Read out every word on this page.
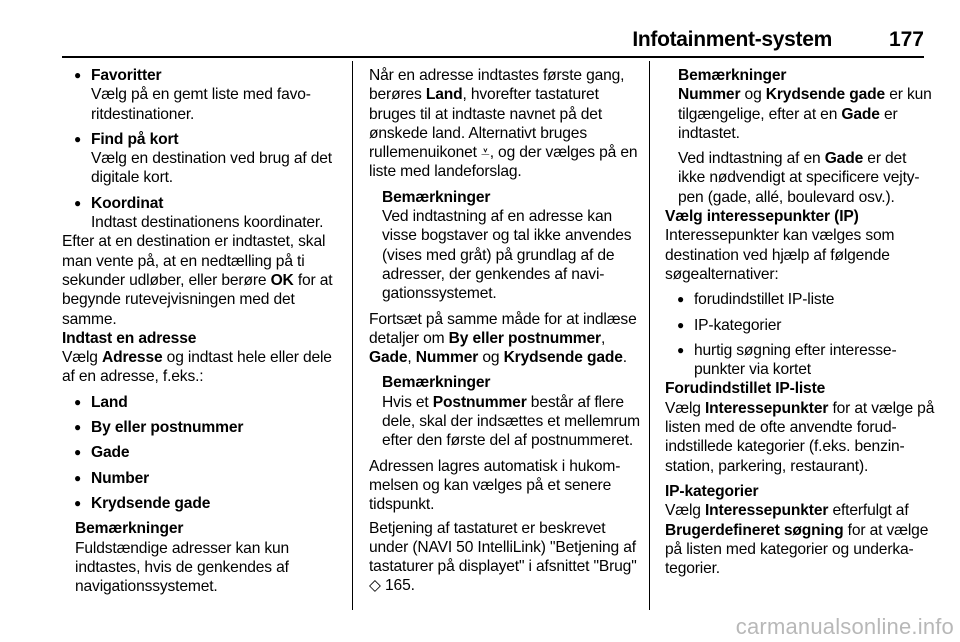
Infotainment-system	177

● Favoritter

Vælg på en gemt liste med favoritdestinationer.

● Find på kort

Vælg en destination ved brug af det digitale kort.

● Koordinat

Indtast destinationens koordinater.

Efter at en destination er indtastet, skal man vente på, at en nedtælling på ti sekunder udløber, eller berøre OK for at begynde rutevejvisningen med det samme.

Indtast en adresse

Vælg Adresse og indtast hele eller dele af en adresse, f.eks.:

● Land

● By eller postnummer

● Gade

● Number

● Krydsende gade

Bemærkninger

Fuldstændige adresser kan kun indtastes, hvis de genkendes af navigationssystemet.

Når en adresse indtastes første gang, berøres Land, hvorefter tastaturet bruges til at indtaste navnet på det ønskede land. Alternativt bruges rullemenuikonet ⩡, og der vælges på en liste med landeforslag.

Bemærkninger

Ved indtastning af en adresse kan visse bogstaver og tal ikke anvendes (vises med gråt) på grundlag af de adresser, der genkendes af navigationssystemet.

Fortsæt på samme måde for at indlæse detaljer om By eller postnummer, Gade, Nummer og Krydsende gade.

Bemærkninger

Hvis et Postnummer består af flere dele, skal der indsættes et mellemrum efter den første del af postnummeret.

Adressen lagres automatisk i hukommelsen og kan vælges på et senere tidspunkt.

Betjening af tastaturet er beskrevet under (NAVI 50 IntelliLink) "Betjening af tastaturer på displayet" i afsnittet "Brug" ◇ 165.

Bemærkninger

Nummer og Krydsende gade er kun tilgængelige, efter at en Gade er indtastet.

Ved indtastning af en Gade er det ikke nødvendigt at specificere vejtypen (gade, allé, boulevard osv.).

Vælg interessepunkter (IP)

Interessepunkter kan vælges som destination ved hjælp af følgende søgealternativer:

● forudindstillet IP-liste

● IP-kategorier

● hurtig søgning efter interessepunkter via kortet

Forudindstillet IP-liste

Vælg Interessepunkter for at vælge på listen med de ofte anvendte forudindstillede kategorier (f.eks. benzinstation, parkering, restaurant).

IP-kategorier

Vælg Interessepunkter efterfulgt af Brugerdefineret søgning for at vælge på listen med kategorier og underkategorier.

carmanualsonline.info
